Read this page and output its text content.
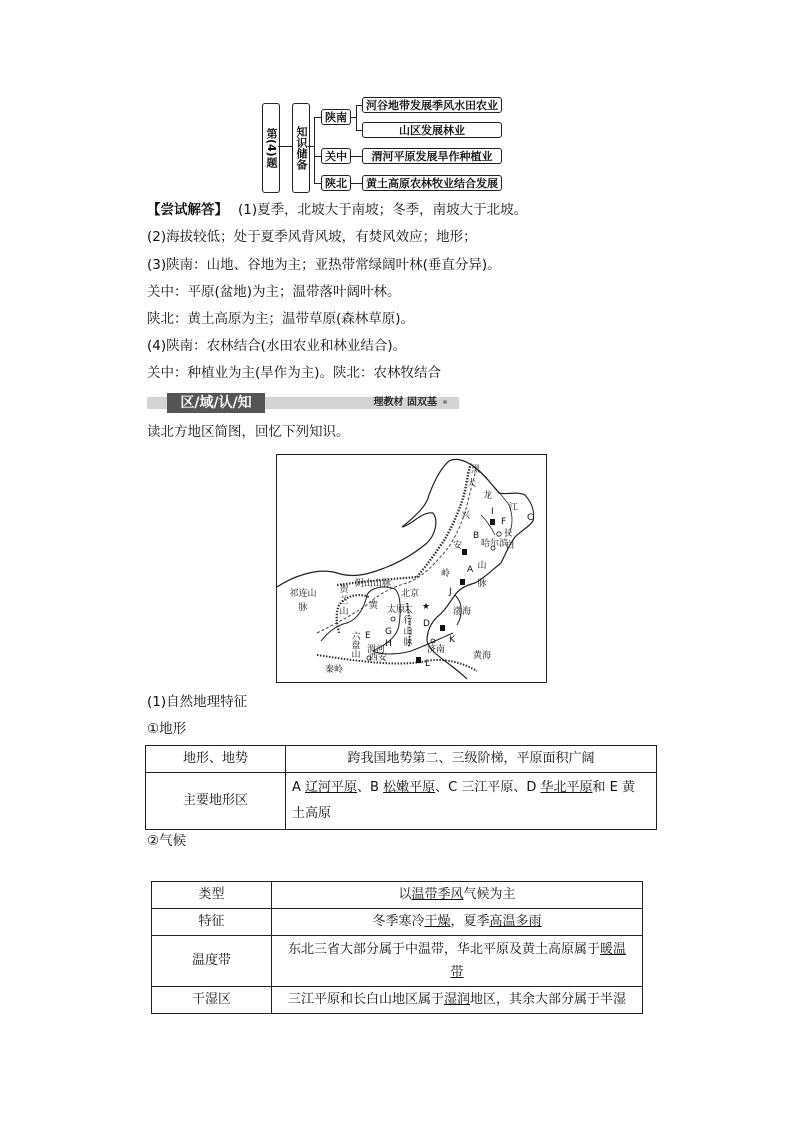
第(4)题 知识储备
陕南
关中
陕北
河谷地带发展季风水田农业
山区发展林业
渭河平原发展旱作种植业
黄土高原农林牧业结合发展
【尝试解答】 (1)夏季，北坡大于南坡；冬季，南坡大于北坡。
(2)海拔较低；处于夏季风背风坡，有焚风效应；地形；
(3)陕南：山地、谷地为主；亚热带常绿阔叶林(垂直分异)。
关中：平原(盆地)为主；温带落叶阔叶林。
陕北：黄土高原为主；温带草原(森林草原)。
(4)陕南：农林结合(水田农业和林业结合)。
关中：种植业为主(旱作为主)。陕北：农林牧结合
区/域/认/知	理教材 固双基
读北方地区简图，回忆下列知识。
★
黑
大
兴
安
岭
龙
江
I
F C
B
哈尔滨
长
白
A 山
脉
J
阴山山脉
北京
太原
太行山脉
黄
贺兰山
祁连山脉	渤海
D
K
E G
H
六盘山 渭河
西安
济南
L
黄海
秦岭
(1)自然地理特征
①地形
地形、地势	跨我国地势第二、三级阶梯，平原面积广阔
主要地形区	A 辽河平原、B 松嫩平原、C 三江平原、D 华北平原和 E 黄
土高原
②气候
类型	以温带季风气候为主
特征	冬季寒冷干燥，夏季高温多雨
温度带	东北三省大部分属于中温带，华北平原及黄土高原属于暖温
带
干湿区	三江平原和长白山地区属于湿润地区，其余大部分属于半湿
